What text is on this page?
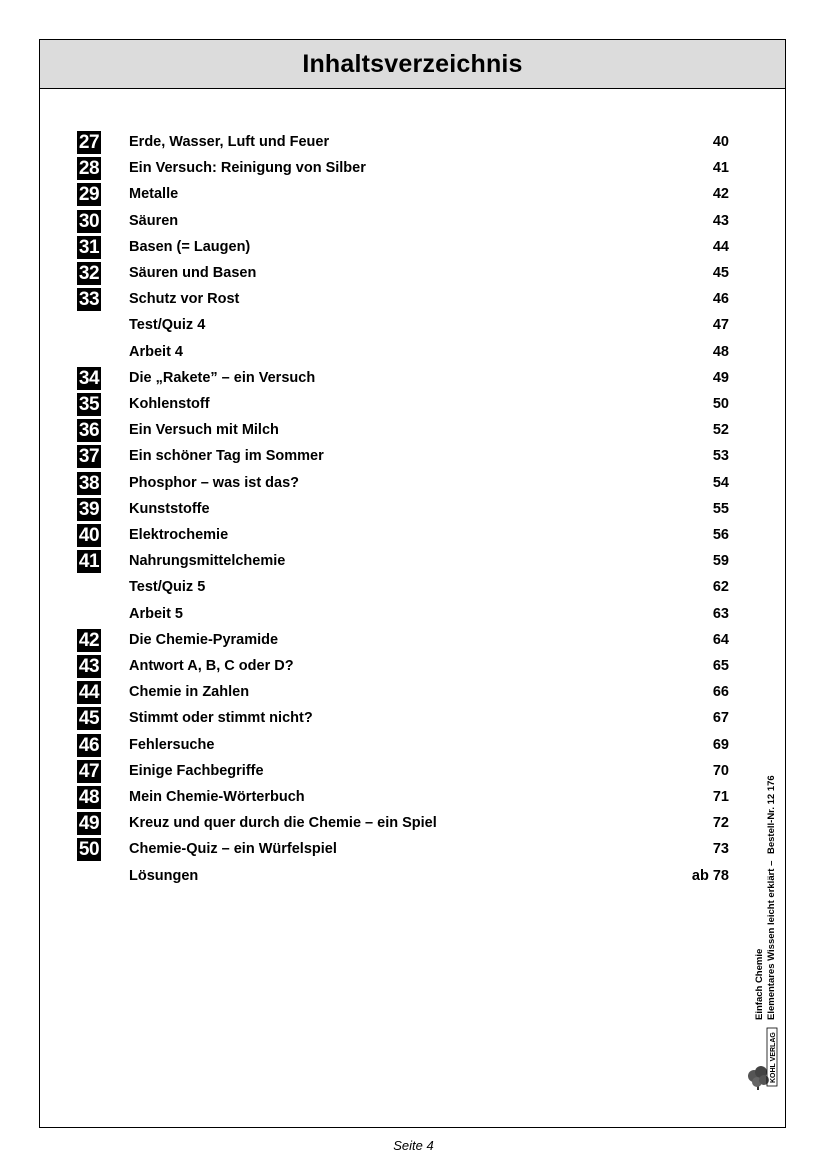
Inhaltsverzeichnis
27 Erde, Wasser, Luft und Feuer	40
28 Ein Versuch: Reinigung von Silber	41
29 Metalle	42
30 Säuren	43
31 Basen (= Laugen)	44
32 Säuren und Basen	45
33 Schutz vor Rost	46
Test/Quiz 4	47
Arbeit 4	48
34 Die „Rakete” – ein Versuch	49
35 Kohlenstoff	50
36 Ein Versuch mit Milch	52
37 Ein schöner Tag im Sommer	53
38 Phosphor – was ist das?	54
39 Kunststoffe	55
40 Elektrochemie	56
41 Nahrungsmittelchemie	59
Test/Quiz 5	62
Arbeit 5	63
42 Die Chemie-Pyramide	64
43 Antwort A, B, C oder D?	65
44 Chemie in Zahlen	66
45 Stimmt oder stimmt nicht?	67
46 Fehlersuche	69
47 Einige Fachbegriffe	70
48 Mein Chemie-Wörterbuch	71
49 Kreuz und quer durch die Chemie – ein Spiel	72
50 Chemie-Quiz – ein Würfelspiel	73
Lösungen	ab 78
Einfach Chemie Elementares Wissen leicht erklärt –
Bestell-Nr. 12 176
KOHL VERLAG
Seite 4
